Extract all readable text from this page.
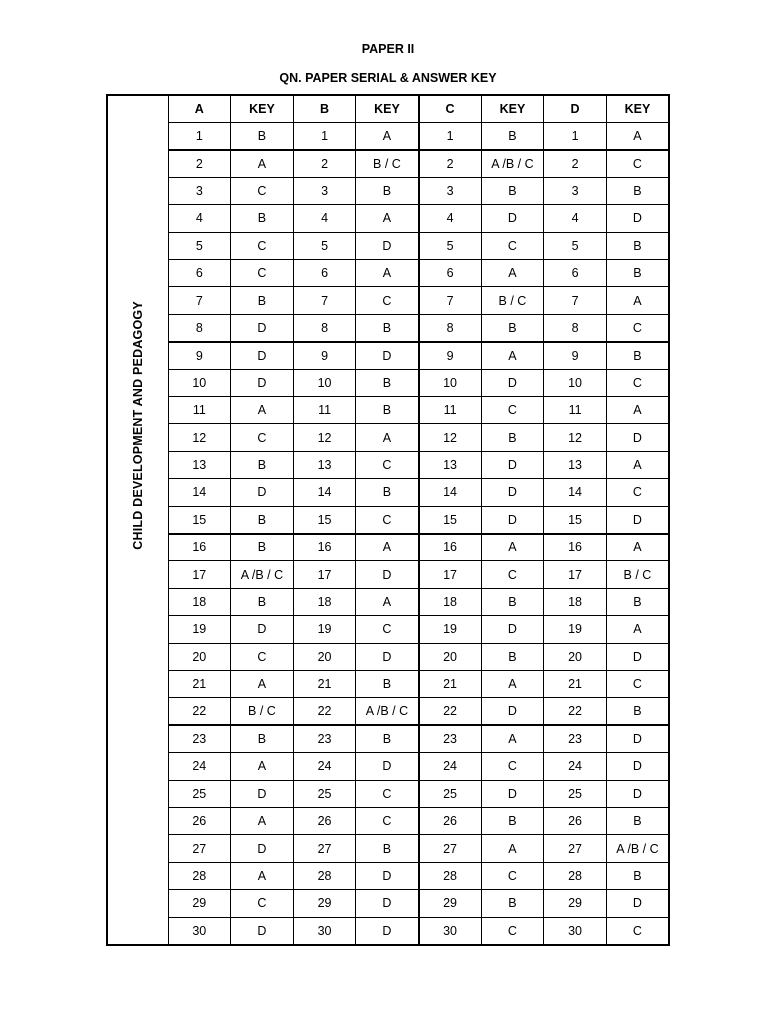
PAPER II
QN. PAPER SERIAL & ANSWER KEY
CHILD DEVELOPMENT AND PEDAGOGY	A	KEY	B	KEY	C	KEY	D	KEY
	1	B	1	A	1	B	1	A
	2	A	2	B / C	2	A /B / C	2	C
	3	C	3	B	3	B	3	B
	4	B	4	A	4	D	4	D
	5	C	5	D	5	C	5	B
	6	C	6	A	6	A	6	B
	7	B	7	C	7	B / C	7	A
	8	D	8	B	8	B	8	C
	9	D	9	D	9	A	9	B
	10	D	10	B	10	D	10	C
	11	A	11	B	11	C	11	A
	12	C	12	A	12	B	12	D
	13	B	13	C	13	D	13	A
	14	D	14	B	14	D	14	C
	15	B	15	C	15	D	15	D
	16	B	16	A	16	A	16	A
	17	A /B / C	17	D	17	C	17	B / C
	18	B	18	A	18	B	18	B
	19	D	19	C	19	D	19	A
	20	C	20	D	20	B	20	D
	21	A	21	B	21	A	21	C
	22	B / C	22	A /B / C	22	D	22	B
	23	B	23	B	23	A	23	D
	24	A	24	D	24	C	24	D
	25	D	25	C	25	D	25	D
	26	A	26	C	26	B	26	B
	27	D	27	B	27	A	27	A /B / C
	28	A	28	D	28	C	28	B
	29	C	29	D	29	B	29	D
	30	D	30	D	30	C	30	C
